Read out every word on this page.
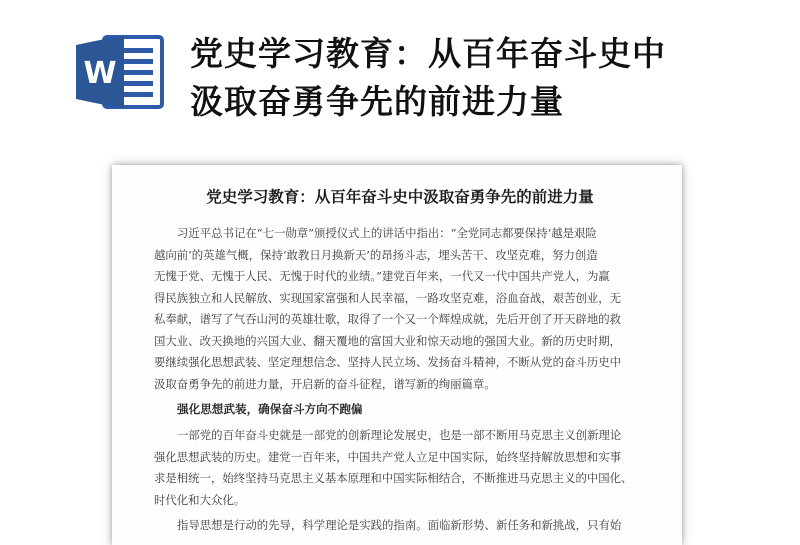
W
党史学习教育：从百年奋斗史中
汲取奋勇争先的前进力量
党史学习教育：从百年奋斗史中汲取奋勇争先的前进力量

习近平总书记在“七一勋章”颁授仪式上的讲话中指出：“全党同志都要保持‘越是艰险
越向前’的英雄气概，保持‘敢教日月换新天’的昂扬斗志，埋头苦干、攻坚克难，努力创造
无愧于党、无愧于人民、无愧于时代的业绩。”建党百年来，一代又一代中国共产党人，为赢
得民族独立和人民解放、实现国家富强和人民幸福，一路攻坚克难，浴血奋战，艰苦创业，无
私奉献，谱写了气吞山河的英雄壮歌，取得了一个又一个辉煌成就，先后开创了开天辟地的救
国大业、改天换地的兴国大业、翻天覆地的富国大业和惊天动地的强国大业。新的历史时期，
要继续强化思想武装、坚定理想信念、坚持人民立场、发扬奋斗精神，不断从党的奋斗历史中
汲取奋勇争先的前进力量，开启新的奋斗征程，谱写新的绚丽篇章。

强化思想武装，确保奋斗方向不跑偏

一部党的百年奋斗史就是一部党的创新理论发展史，也是一部不断用马克思主义创新理论
强化思想武装的历史。建党一百年来，中国共产党人立足中国实际，始终坚持解放思想和实事
求是相统一，始终坚持马克思主义基本原理和中国实际相结合，不断推进马克思主义的中国化、
时代化和大众化。

指导思想是行动的先导，科学理论是实践的指南。面临新形势、新任务和新挑战，只有始
